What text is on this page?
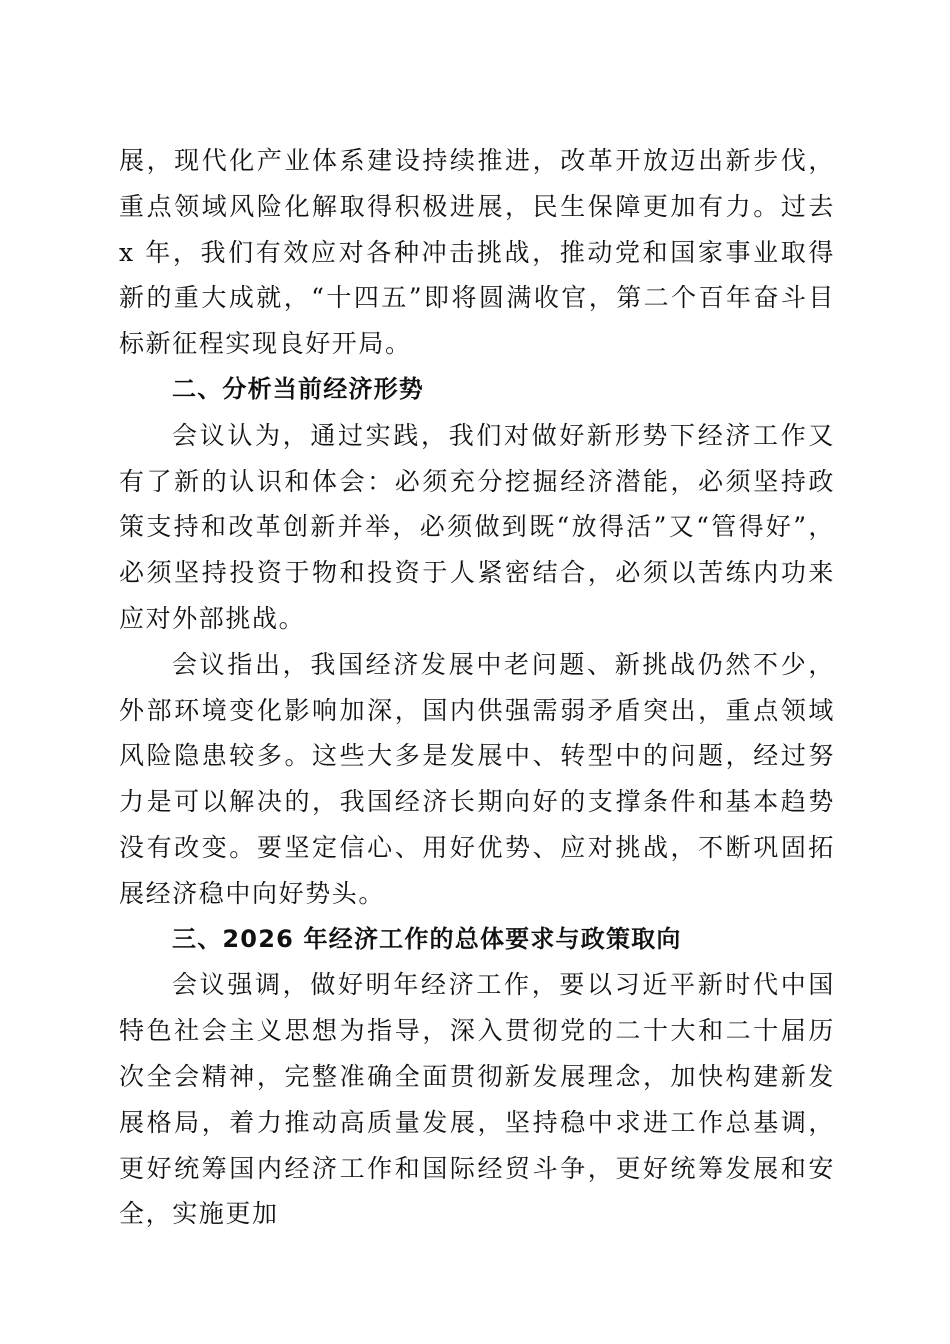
展，现代化产业体系建设持续推进，改革开放迈出新步伐，重点领域风险化解取得积极进展，民生保障更加有力。过去 x 年，我们有效应对各种冲击挑战，推动党和国家事业取得新的重大成就，“十四五”即将圆满收官，第二个百年奋斗目标新征程实现良好开局。

二、分析当前经济形势

会议认为，通过实践，我们对做好新形势下经济工作又有了新的认识和体会：必须充分挖掘经济潜能，必须坚持政策支持和改革创新并举，必须做到既“放得活”又“管得好”，必须坚持投资于物和投资于人紧密结合，必须以苦练内功来应对外部挑战。

会议指出，我国经济发展中老问题、新挑战仍然不少，外部环境变化影响加深，国内供强需弱矛盾突出，重点领域风险隐患较多。这些大多是发展中、转型中的问题，经过努力是可以解决的，我国经济长期向好的支撑条件和基本趋势没有改变。要坚定信心、用好优势、应对挑战，不断巩固拓展经济稳中向好势头。

三、2026 年经济工作的总体要求与政策取向

会议强调，做好明年经济工作，要以习近平新时代中国特色社会主义思想为指导，深入贯彻党的二十大和二十届历次全会精神，完整准确全面贯彻新发展理念，加快构建新发展格局，着力推动高质量发展，坚持稳中求进工作总基调，更好统筹国内经济工作和国际经贸斗争，更好统筹发展和安全，实施更加
